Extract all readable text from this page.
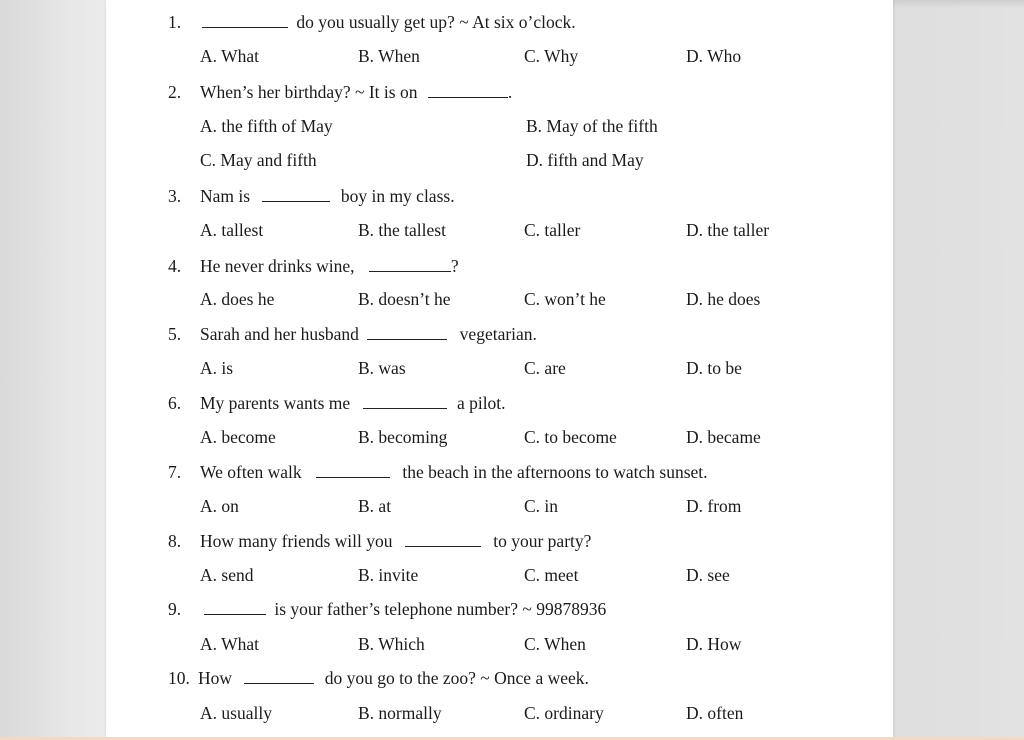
1.	do you usually get up? ~ At six o’clock.
A. What	B. When	C. Why	D. Who
2. When’s her birthday? ~ It is on	.
A. the fifth of May	B. May of the fifth
C. May and fifth	D. fifth and May
3. Nam is	boy in my class.
A. tallest	B. the tallest	C. taller	D. the taller
4. He never drinks wine,	?
A. does he	B. doesn’t he	C. won’t he	D. he does
5. Sarah and her husband	vegetarian.
A. is	B. was	C. are	D. to be
6. My parents wants me	a pilot.
A. become	B. becoming	C. to become	D. became
7. We often walk	the beach in the afternoons to watch sunset.
A. on	B. at	C. in	D. from
8. How many friends will you	to your party?
A. send	B. invite	C. meet	D. see
9.	is your father’s telephone number? ~ 99878936
A. What	B. Which	C. When	D. How
10. How	do you go to the zoo? ~ Once a week.
A. usually	B. normally	C. ordinary	D. often
